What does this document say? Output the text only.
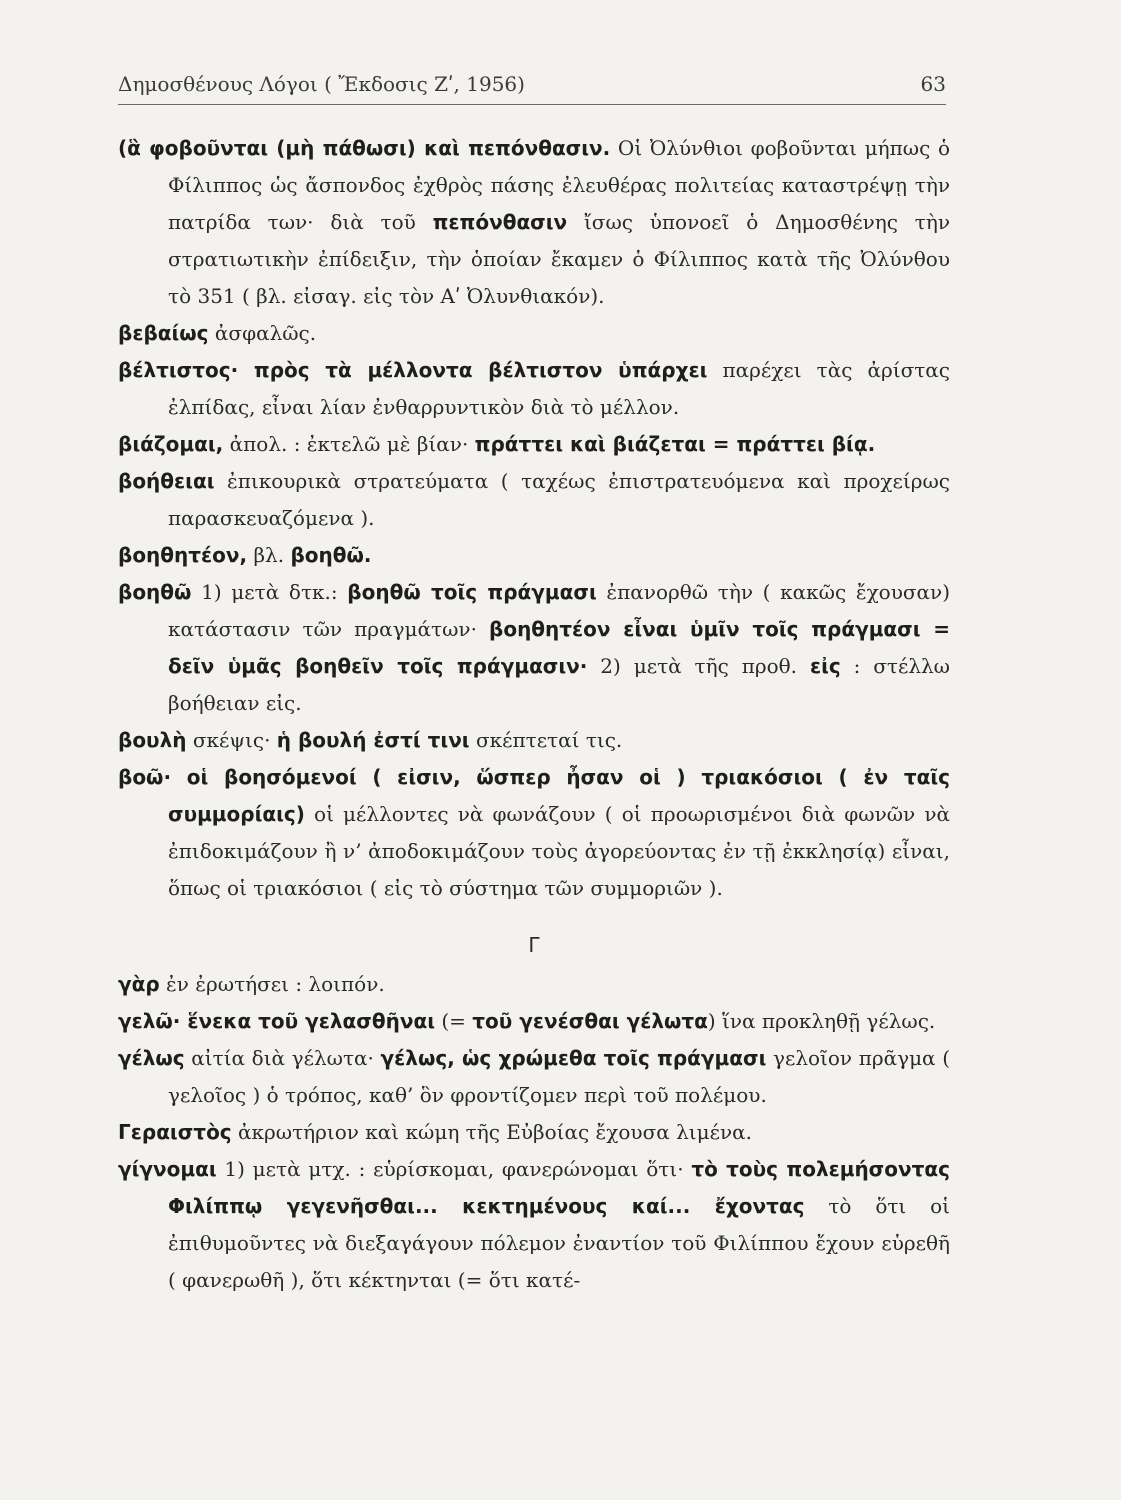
Δημοσθένους Λόγοι ( Ἔκδοσις Ζʹ, 1956)	63

(ἃ φοβοῦνται (μὴ πάθωσι) καὶ πεπόνθασιν. Οἱ Ὀλύνθιοι φοβοῦνται μήπως ὁ Φίλιππος ὡς ἄσπονδος ἐχθρὸς πάσης ἐλευθέρας πολιτείας καταστρέψῃ τὴν πατρίδα των· διὰ τοῦ πεπόνθασιν ἴσως ὑπονοεῖ ὁ Δημοσθένης τὴν στρατιωτικὴν ἐπίδειξιν, τὴν ὁποίαν ἔκαμεν ὁ Φίλιππος κατὰ τῆς Ὀλύνθου τὸ 351 ( βλ. εἰσαγ. εἰς τὸν Αʹ Ὀλυνθιακόν).

βεβαίως ἀσφαλῶς.

βέλτιστος· πρὸς τὰ μέλλοντα βέλτιστον ὑπάρχει παρέχει τὰς ἀρίστας ἐλπίδας, εἶναι λίαν ἐνθαρρυντικὸν διὰ τὸ μέλλον.

βιάζομαι, ἀπολ. : ἐκτελῶ μὲ βίαν· πράττει καὶ βιάζεται = πράττει βίᾳ.

βοήθειαι ἐπικουρικὰ στρατεύματα ( ταχέως ἐπιστρατευόμενα καὶ προχείρως παρασκευαζόμενα ).

βοηθητέον, βλ. βοηθῶ.

βοηθῶ 1) μετὰ δτκ.: βοηθῶ τοῖς πράγμασι ἐπανορθῶ τὴν ( κακῶς ἔχουσαν) κατάστασιν τῶν πραγμάτων· βοηθητέον εἶναι ὑμῖν τοῖς πράγμασι = δεῖν ὑμᾶς βοηθεῖν τοῖς πράγμασιν· 2) μετὰ τῆς προθ. εἰς : στέλλω βοήθειαν εἰς.

βουλὴ σκέψις· ἡ βουλή ἐστί τινι σκέπτεταί τις.

βοῶ· οἱ βοησόμενοί ( εἰσιν, ὥσπερ ἦσαν οἱ ) τριακόσιοι ( ἐν ταῖς συμμορίαις) οἱ μέλλοντες νὰ φωνάζουν ( οἱ προωρισμένοι διὰ φωνῶν νὰ ἐπιδοκιμάζουν ἢ ν’ ἀποδοκιμάζουν τοὺς ἀγορεύοντας ἐν τῇ ἐκκλησίᾳ) εἶναι, ὅπως οἱ τριακόσιοι ( εἰς τὸ σύστημα τῶν συμμοριῶν ).

Γ

γὰρ ἐν ἐρωτήσει : λοιπόν.

γελῶ· ἕνεκα τοῦ γελασθῆναι (= τοῦ γενέσθαι γέλωτα) ἵνα προκληθῇ γέλως.

γέλως αἰτία διὰ γέλωτα· γέλως, ὡς χρώμεθα τοῖς πράγμασι γελοῖον πρᾶγμα ( γελοῖος ) ὁ τρόπος, καθ’ ὃν φροντίζομεν περὶ τοῦ πολέμου.

Γεραιστὸς ἀκρωτήριον καὶ κώμη τῆς Εὐβοίας ἔχουσα λιμένα.

γίγνομαι 1) μετὰ μτχ. : εὑρίσκομαι, φανερώνομαι ὅτι· τὸ τοὺς πολεμήσοντας Φιλίππῳ γεγενῆσθαι... κεκτημένους καί... ἔχοντας τὸ ὅτι οἱ ἐπιθυμοῦντες νὰ διεξαγάγουν πόλεμον ἐναντίον τοῦ Φιλίππου ἔχουν εὑρεθῆ ( φανερωθῆ ), ὅτι κέκτηνται (= ὅτι κατέ-
